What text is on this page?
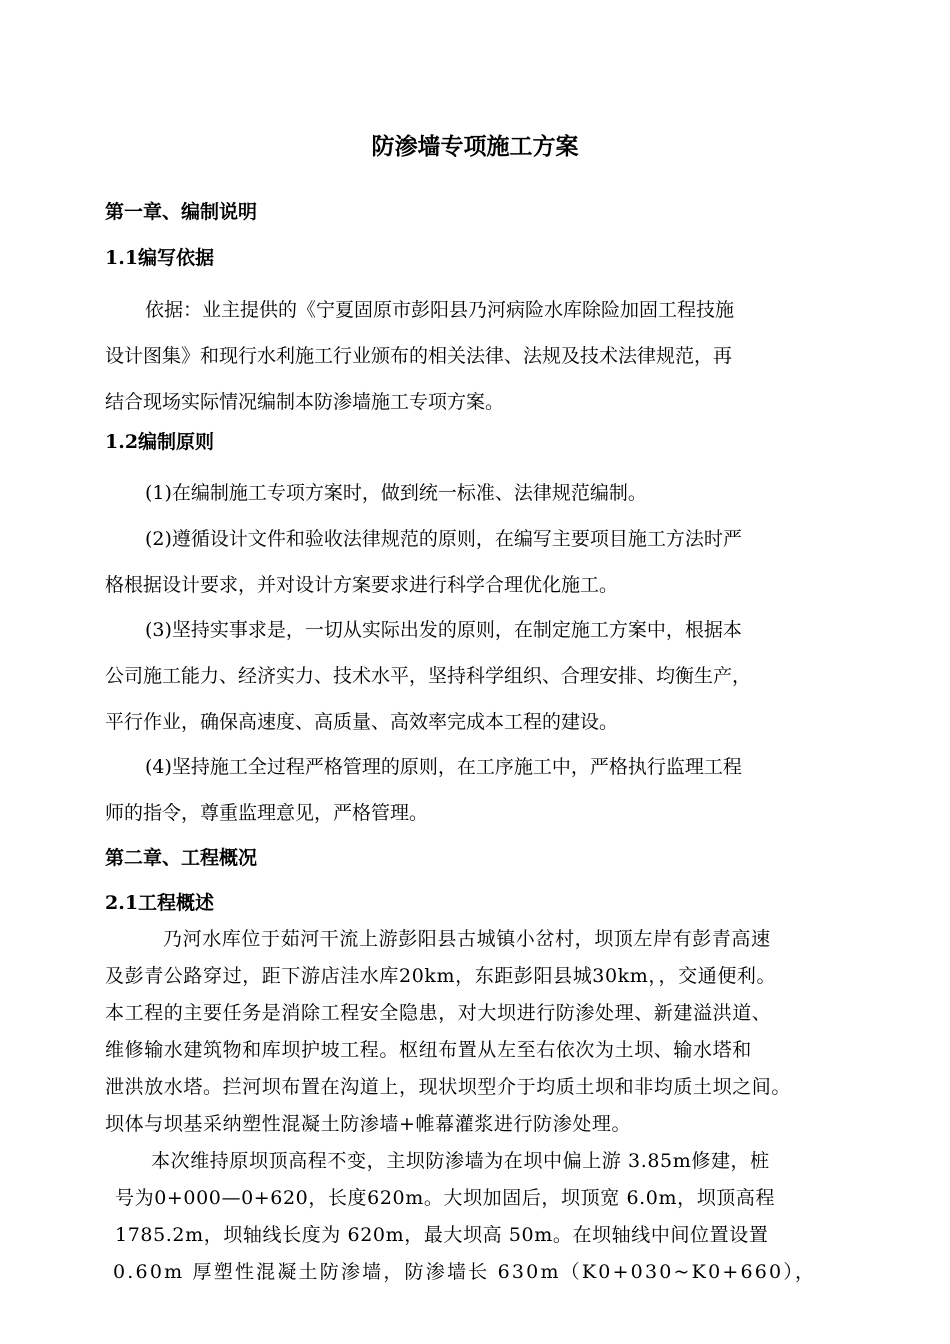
防渗墙专项施工方案
第一章、编制说明
1.1编写依据
依据：业主提供的《宁夏固原市彭阳县乃河病险水库除险加固工程技施
设计图集》和现行水利施工行业颁布的相关法律、法规及技术法律规范，再
结合现场实际情况编制本防渗墙施工专项方案。
1.2编制原则
(1)在编制施工专项方案时，做到统一标准、法律规范编制。
(2)遵循设计文件和验收法律规范的原则，在编写主要项目施工方法时严
格根据设计要求，并对设计方案要求进行科学合理优化施工。
(3)坚持实事求是，一切从实际出发的原则，在制定施工方案中，根据本
公司施工能力、经济实力、技术水平，坚持科学组织、合理安排、均衡生产，
平行作业，确保高速度、高质量、高效率完成本工程的建设。
(4)坚持施工全过程严格管理的原则，在工序施工中，严格执行监理工程
师的指令，尊重监理意见，严格管理。
第二章、工程概况
2.1工程概述
乃河水库位于茹河干流上游彭阳县古城镇小岔村，坝顶左岸有彭青高速
及彭青公路穿过，距下游店洼水库20km，东距彭阳县城30km，，交通便利。
本工程的主要任务是消除工程安全隐患，对大坝进行防渗处理、新建溢洪道、
维修输水建筑物和库坝护坡工程。枢纽布置从左至右依次为土坝、输水塔和
泄洪放水塔。拦河坝布置在沟道上，现状坝型介于均质土坝和非均质土坝之间。
坝体与坝基采纳塑性混凝土防渗墙+帷幕灌浆进行防渗处理。
本次维持原坝顶高程不变，主坝防渗墙为在坝中偏上游 3.85m修建，桩
号为0+000—0+620，长度620m。大坝加固后，坝顶宽 6.0m，坝顶高程
1785.2m，坝轴线长度为 620m，最大坝高 50m。在坝轴线中间位置设置
0.60m 厚塑性混凝土防渗墙，防渗墙长 630m（K0+030~K0+660），
